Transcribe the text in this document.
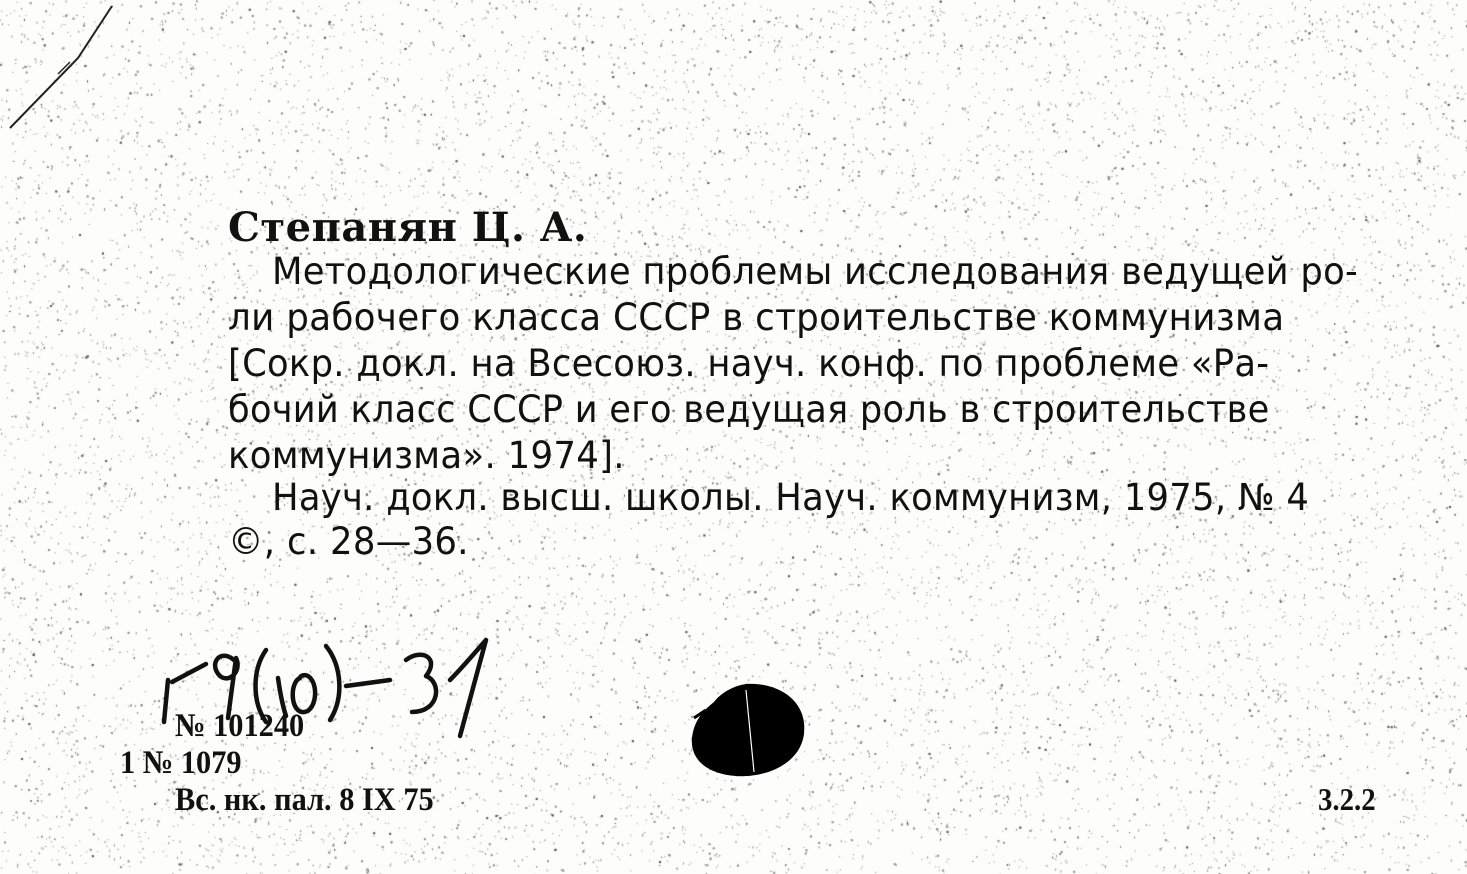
Степанян Ц. А.
Методологические проблемы исследования ведущей ро-
ли рабочего класса СССР в строительстве коммунизма
[Сокр. докл. на Всесоюз. науч. конф. по проблеме «Ра-
бочий класс СССР и его ведущая роль в строительстве
коммунизма». 1974].
Науч. докл. высш. школы. Науч. коммунизм, 1975, № 4
©, с. 28—36.
№ 101240
1 № 1079
Вс. нк. пал. 8 IX 75	3.2.2
